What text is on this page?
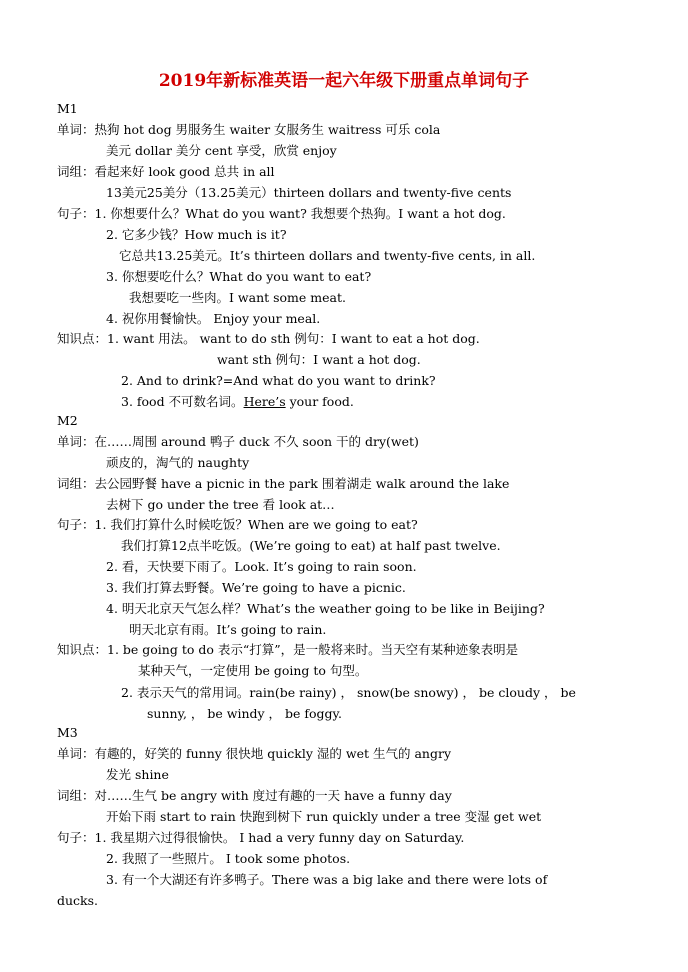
2019年新标准英语一起六年级下册重点单词句子
M1
单词：热狗 hot dog 男服务生 waiter 女服务生 waitress 可乐 cola
美元 dollar 美分 cent 享受，欣赏 enjoy
词组：看起来好 look good 总共 in all
13美元25美分（13.25美元）thirteen dollars and twenty-five cents
句子：1. 你想要什么？What do you want? 我想要个热狗。I want a hot dog.
2. 它多少钱？How much is it?
它总共13.25美元。It’s thirteen dollars and twenty-five cents, in all.
3. 你想要吃什么？What do you want to eat?
我想要吃一些肉。I want some meat.
4. 祝你用餐愉快。 Enjoy your meal.
知识点：1. want 用法。 want to do sth 例句：I want to eat a hot dog.
want sth 例句：I want a hot dog.
2. And to drink?=And what do you want to drink?
3. food 不可数名词。Here’s your food.
M2
单词：在……周围 around 鸭子 duck 不久 soon 干的 dry(wet)
顽皮的，淘气的 naughty
词组：去公园野餐 have a picnic in the park 围着湖走 walk around the lake
去树下 go under the tree 看 look at…
句子：1. 我们打算什么时候吃饭？When are we going to eat?
我们打算12点半吃饭。(We’re going to eat) at half past twelve.
2. 看，天快要下雨了。Look. It’s going to rain soon.
3. 我们打算去野餐。We’re going to have a picnic.
4. 明天北京天气怎么样？What’s the weather going to be like in Beijing?
明天北京有雨。It’s going to rain.
知识点：1. be going to do 表示“打算”，是一般将来时。当天空有某种迹象表明是
某种天气，一定使用 be going to 句型。
2. 表示天气的常用词。rain(be rainy) ， snow(be snowy) ， be cloudy ， be
sunny, ， be windy ， be foggy.
M3
单词：有趣的，好笑的 funny 很快地 quickly 湿的 wet 生气的 angry
发光 shine
词组：对……生气 be angry with 度过有趣的一天 have a funny day
开始下雨 start to rain 快跑到树下 run quickly under a tree 变湿 get wet
句子：1. 我星期六过得很愉快。 I had a very funny day on Saturday.
2. 我照了一些照片。 I took some photos.
3. 有一个大湖还有许多鸭子。There was a big lake and there were lots of
ducks.
